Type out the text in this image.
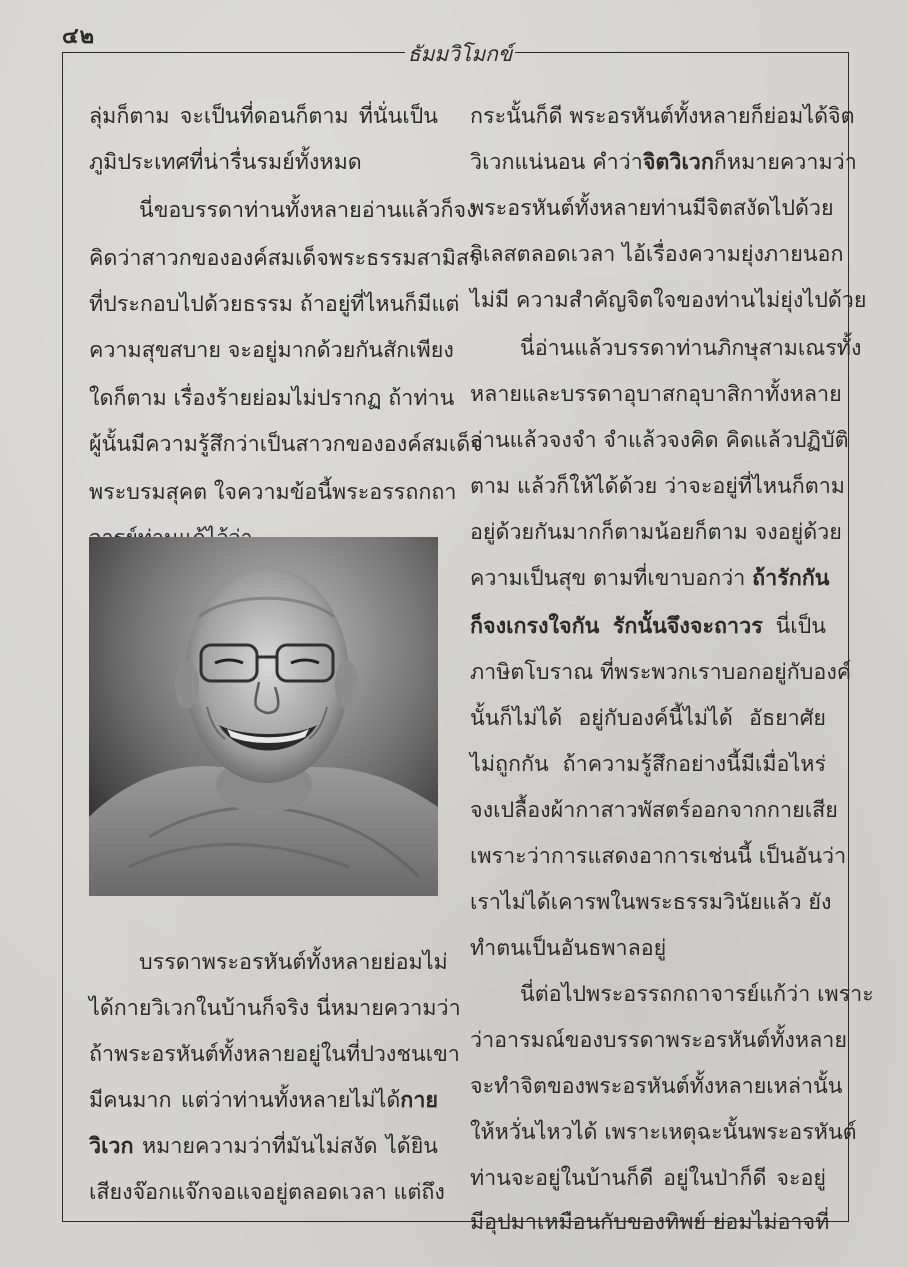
๔๒
ธัมมวิโมกข์
ลุ่มก็ตาม จะเป็นที่ดอนก็ตาม ที่นั่นเป็น
ภูมิประเทศที่น่ารื่นรมย์ทั้งหมด
นี่ขอบรรดาท่านทั้งหลายอ่านแล้วก็จง
คิดว่าสาวกขององค์สมเด็จพระธรรมสามิสร
ที่ประกอบไปด้วยธรรม ถ้าอยู่ที่ไหนก็มีแต่
ความสุขสบาย จะอยู่มากด้วยกันสักเพียง
ใดก็ตาม เรื่องร้ายย่อมไม่ปรากฏ ถ้าท่าน
ผู้นั้นมีความรู้สึกว่าเป็นสาวกขององค์สมเด็จ
พระบรมสุคต ใจความข้อนี้พระอรรถกถา
บรรดาพระอรหันต์ทั้งหลายย่อมไม่
ได้กายวิเวกในบ้านก็จริง นี่หมายความว่า
ถ้าพระอรหันต์ทั้งหลายอยู่ในที่ปวงชนเขา
มีคนมาก แต่ว่าท่านทั้งหลายไม่ได้กาย
วิเวก หมายความว่าที่มันไม่สงัด ได้ยิน
เสียงจ๊อกแจ๊กจอแจอยู่ตลอดเวลา แต่ถึง
กระนั้นก็ดี พระอรหันต์ทั้งหลายก็ย่อมได้จิต
วิเวกแน่นอน คำว่าจิตวิเวกก็หมายความว่า
พระอรหันต์ทั้งหลายท่านมีจิตสงัดไปด้วย
กิเลสตลอดเวลา ไอ้เรื่องความยุ่งภายนอก
ไม่มี ความสำคัญจิตใจของท่านไม่ยุ่งไปด้วย
นี่อ่านแล้วบรรดาท่านภิกษุสามเณรทั้ง
หลายและบรรดาอุบาสกอุบาสิกาทั้งหลาย
อ่านแล้วจงจำ จำแล้วจงคิด คิดแล้วปฏิบัติ
ตาม แล้วก็ให้ได้ด้วย ว่าจะอยู่ที่ไหนก็ตาม
อยู่ด้วยกันมากก็ตามน้อยก็ตาม จงอยู่ด้วย
ความเป็นสุข ตามที่เขาบอกว่า ถ้ารักกัน
ก็จงเกรงใจกัน รักนั้นจึงจะถาวร นี่เป็น
ภาษิตโบราณ ที่พระพวกเราบอกอยู่กับองค์
นั้นก็ไม่ได้ อยู่กับองค์นี้ไม่ได้ อัธยาศัย
ไม่ถูกกัน ถ้าความรู้สึกอย่างนี้มีเมื่อไหร่
จงเปลื้องผ้ากาสาวพัสตร์ออกจากกายเสีย
เพราะว่าการแสดงอาการเช่นนี้ เป็นอันว่า
เราไม่ได้เคารพในพระธรรมวินัยแล้ว ยัง
ทำตนเป็นอันธพาลอยู่
นี่ต่อไปพระอรรถกถาจารย์แก้ว่า เพราะ
ว่าอารมณ์ของบรรดาพระอรหันต์ทั้งหลาย
มีอุปมาเหมือนกับของทิพย์ ย่อมไม่อาจที่
จะทำจิตของพระอรหันต์ทั้งหลายเหล่านั้น
ให้หวั่นไหวได้ เพราะเหตุฉะนั้นพระอรหันต์
ท่านจะอยู่ในบ้านก็ดี อยู่ในป่าก็ดี จะอยู่
